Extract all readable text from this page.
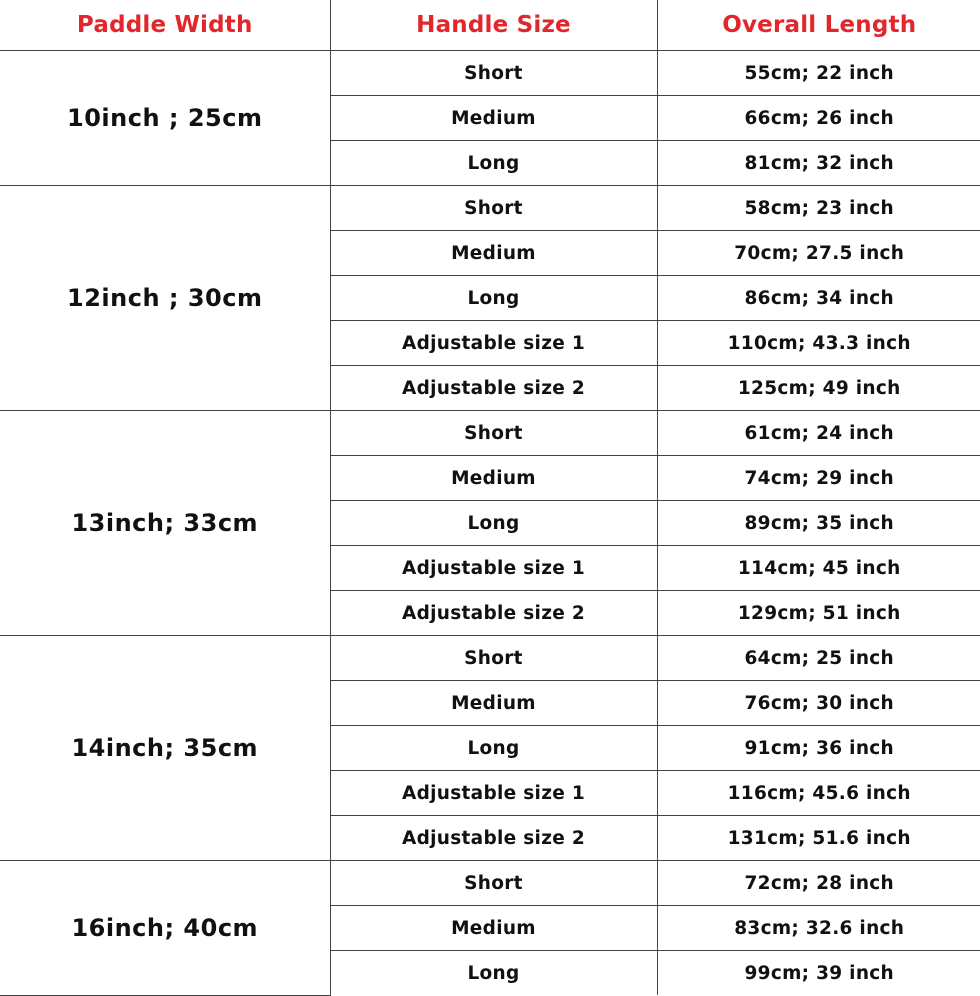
Paddle Width	Handle Size	Overall Length
10inch ; 25cm	Short	55cm; 22 inch
	Medium	66cm; 26 inch
	Long	81cm; 32 inch
12inch ; 30cm	Short	58cm; 23 inch
	Medium	70cm; 27.5 inch
	Long	86cm; 34 inch
	Adjustable size 1	110cm; 43.3 inch
	Adjustable size 2	125cm; 49 inch
13inch; 33cm	Short	61cm; 24 inch
	Medium	74cm; 29 inch
	Long	89cm; 35 inch
	Adjustable size 1	114cm; 45 inch
	Adjustable size 2	129cm; 51 inch
14inch; 35cm	Short	64cm; 25 inch
	Medium	76cm; 30 inch
	Long	91cm; 36 inch
	Adjustable size 1	116cm; 45.6 inch
	Adjustable size 2	131cm; 51.6 inch
16inch; 40cm	Short	72cm; 28 inch
	Medium	83cm; 32.6 inch
	Long	99cm; 39 inch
